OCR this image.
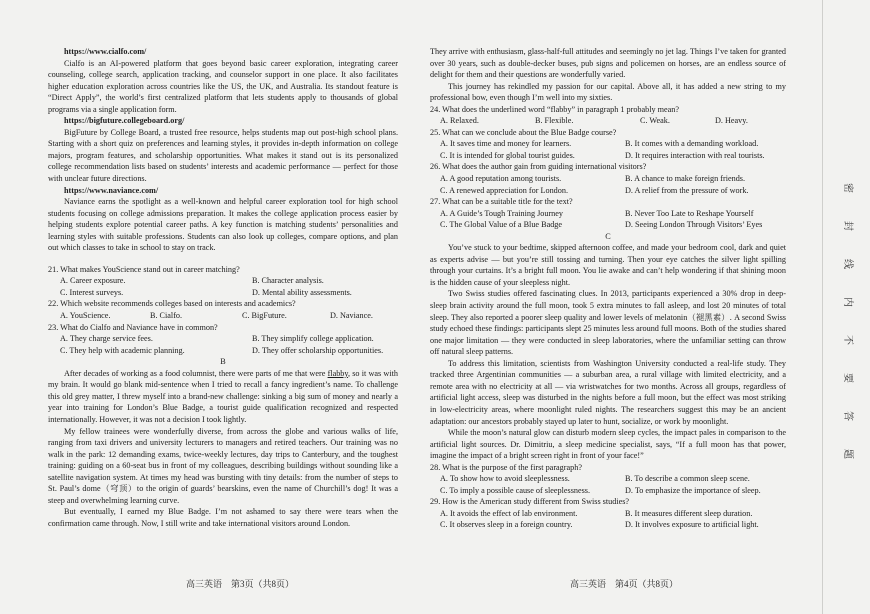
https://www.cialfo.com/

Cialfo is an AI-powered platform that goes beyond basic career exploration, integrating career counseling, college search, application tracking, and counselor support in one place. It also facilitates higher education exploration across countries like the US, the UK, and Australia. Its standout feature is “Direct Apply”, the world’s first centralized platform that lets students apply to thousands of global programs via a single application form.

https://bigfuture.collegeboard.org/

BigFuture by College Board, a trusted free resource, helps students map out post-high school plans. Starting with a short quiz on preferences and learning styles, it provides in-depth information on college majors, program features, and scholarship opportunities. What makes it stand out is its personalized college recommendation lists based on students’ interests and academic performance — perfect for those with unclear future directions.

https://www.naviance.com/

Naviance earns the spotlight as a well-known and helpful career exploration tool for high school students focusing on college admissions preparation. It makes the college application process easier by helping students explore potential career paths. A key function is matching students’ personalities and learning styles with suitable professions. Students can also look up colleges, compare options, and plan out which classes to take in school to stay on track.

21. What makes YouScience stand out in career matching?
A. Career exposure.	B. Character analysis.
C. Interest surveys.	D. Mental ability assessments.
22. Which website recommends colleges based on interests and academics?
A. YouScience.	B. Cialfo.	C. BigFuture.	D. Naviance.
23. What do Cialfo and Naviance have in common?
A. They charge service fees.	B. They simplify college application.
C. They help with academic planning.	D. They offer scholarship opportunities.
B

After decades of working as a food columnist, there were parts of me that were flabby, so it was with my brain. It would go blank mid-sentence when I tried to recall a fancy ingredient’s name. To challenge this old grey matter, I threw myself into a brand-new challenge: sinking a big sum of money and nearly a year into training for London’s Blue Badge, a tourist guide qualification recognized and respected internationally. However, it was not a decision I took lightly.

My fellow trainees were wonderfully diverse, from across the globe and various walks of life, ranging from taxi drivers and university lecturers to managers and retired teachers. Our training was no walk in the park: 12 demanding exams, twice-weekly lectures, day trips to Canterbury, and the toughest training: guiding on a 60-seat bus in front of my colleagues, describing buildings without sounding like a satellite navigation system. At times my head was bursting with tiny details: from the number of steps to St. Paul’s dome（穹顶）to the origin of guards’ bearskins, even the name of Churchill’s dog! It was a steep and overwhelming learning curve.

But eventually, I earned my Blue Badge. I’m not ashamed to say there were tears when the confirmation came through. Now, I still write and take international visitors around London.

They arrive with enthusiasm, glass-half-full attitudes and seemingly no jet lag. Things I’ve taken for granted over 30 years, such as double-decker buses, pub signs and policemen on horses, are an endless source of delight for them and their questions are wonderfully varied.

This journey has rekindled my passion for our capital. Above all, it has added a new string to my professional bow, even though I’m well into my sixties.

24. What does the underlined word “flabby” in paragraph 1 probably mean?
A. Relaxed.	B. Flexible.	C. Weak.	D. Heavy.
25. What can we conclude about the Blue Badge course?
A. It saves time and money for learners.	B. It comes with a demanding workload.
C. It is intended for global tourist guides.	D. It requires interaction with real tourists.
26. What does the author gain from guiding international visitors?
A. A good reputation among tourists.	B. A chance to make foreign friends.
C. A renewed appreciation for London.	D. A relief from the pressure of work.
27. What can be a suitable title for the text?
A. A Guide’s Tough Training Journey	B. Never Too Late to Reshape Yourself
C. The Global Value of a Blue Badge	D. Seeing London Through Visitors’ Eyes
C

You’ve stuck to your bedtime, skipped afternoon coffee, and made your bedroom cool, dark and quiet as experts advise — but you’re still tossing and turning. Then your eye catches the silver light spilling through your curtains. It’s a bright full moon. You lie awake and can’t help wondering if that shining moon is the hidden cause of your sleepless night.

Two Swiss studies offered fascinating clues. In 2013, participants experienced a 30% drop in deep-sleep brain activity around the full moon, took 5 extra minutes to fall asleep, and lost 20 minutes of total sleep. They also reported a poorer sleep quality and lower levels of melatonin（褪黑素）. A second Swiss study echoed these findings: participants slept 25 minutes less around full moons. Both of the studies shared one major limitation — they were conducted in sleep laboratories, where the unfamiliar setting can throw off natural sleep patterns.

To address this limitation, scientists from Washington University conducted a real-life study. They tracked three Argentinian communities — a suburban area, a rural village with limited electricity, and a remote area with no electricity at all — via wristwatches for two months. Across all groups, regardless of artificial light access, sleep was disturbed in the nights before a full moon, but the effect was most striking in low-electricity areas, where moonlight ruled nights. The researchers suggest this may be an ancient adaptation: our ancestors probably stayed up later to hunt, socialize, or work by moonlight.

While the moon’s natural glow can disturb modern sleep cycles, the impact pales in comparison to the artificial light sources. Dr. Dimitriu, a sleep medicine specialist, says, “If a full moon has that power, imagine the impact of a bright screen right in front of your face!”

28. What is the purpose of the first paragraph?
A. To show how to avoid sleeplessness.	B. To describe a common sleep scene.
C. To imply a possible cause of sleeplessness.	D. To emphasize the importance of sleep.
29. How is the American study different from Swiss studies?
A. It avoids the effect of lab environment.	B. It measures different sleep duration.
C. It observes sleep in a foreign country.	D. It involves exposure to artificial light.
高三英语　第3页（共8页）	高三英语　第4页（共8页）
密
封
线
内
不
要
答
题
